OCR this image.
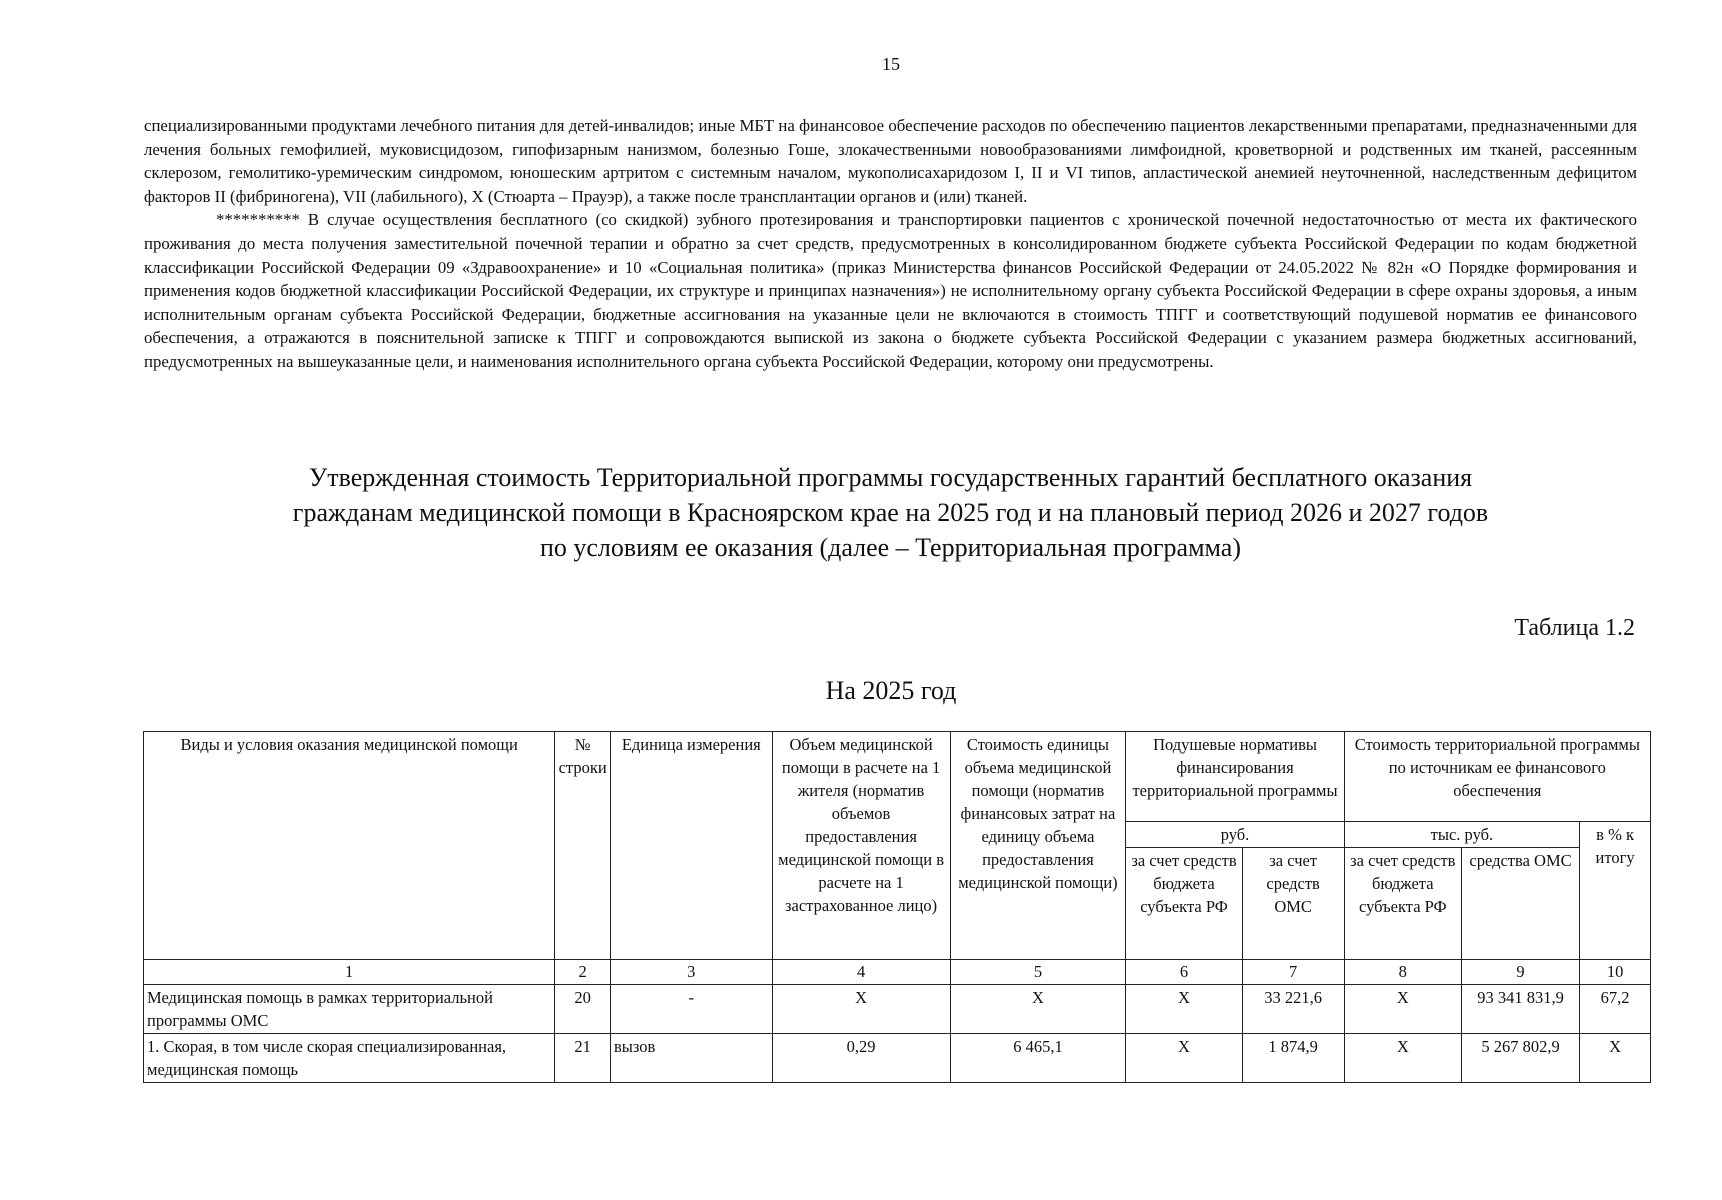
15

специализированными продуктами лечебного питания для детей-инвалидов; иные МБТ на финансовое обеспечение расходов по обеспечению пациентов лекарственными препаратами, предназначенными для лечения больных гемофилией, муковисцидозом, гипофизарным нанизмом, болезнью Гоше, злокачественными новообразованиями лимфоидной, кроветворной и родственных им тканей, рассеянным склерозом, гемолитико-уремическим синдромом, юношеским артритом с системным началом, мукополисахаридозом I, II и VI типов, апластической анемией неуточненной, наследственным дефицитом факторов II (фибриногена), VII (лабильного), X (Стюарта – Прауэр), а также после трансплантации органов и (или) тканей.

********** В случае осуществления бесплатного (со скидкой) зубного протезирования и транспортировки пациентов с хронической почечной недостаточностью от места их фактического проживания до места получения заместительной почечной терапии и обратно за счет средств, предусмотренных в консолидированном бюджете субъекта Российской Федерации по кодам бюджетной классификации Российской Федерации 09 «Здравоохранение» и 10 «Социальная политика» (приказ Министерства финансов Российской Федерации от 24.05.2022 № 82н «О Порядке формирования и применения кодов бюджетной классификации Российской Федерации, их структуре и принципах назначения») не исполнительному органу субъекта Российской Федерации в сфере охраны здоровья, а иным исполнительным органам субъекта Российской Федерации, бюджетные ассигнования на указанные цели не включаются в стоимость ТПГГ и соответствующий подушевой норматив ее финансового обеспечения, а отражаются в пояснительной записке к ТПГГ и сопровождаются выпиской из закона о бюджете субъекта Российской Федерации с указанием размера бюджетных ассигнований, предусмотренных на вышеуказанные цели, и наименования исполнительного органа субъекта Российской Федерации, которому они предусмотрены.

Утвержденная стоимость Территориальной программы государственных гарантий бесплатного оказания
гражданам медицинской помощи в Красноярском крае на 2025 год и на плановый период 2026 и 2027 годов
по условиям ее оказания (далее – Территориальная программа)
Таблица 1.2
На 2025 год
Виды и условия оказания медицинской помощи	№ строки	Единица измерения	Объем медицинской помощи в расчете на 1 жителя (норматив объемов предоставления медицинской помощи в расчете на 1 застрахованное лицо)	Стоимость единицы объема медицинской помощи (норматив финансовых затрат на единицу объема предоставления медицинской помощи)	Подушевые нормативы финансирования территориальной программы		Стоимость территориальной программы по источникам ее финансового обеспечения		
					руб.		тыс. руб.		в % к итогу
					за счет средств бюджета субъекта РФ	за счет средств ОМС	за счет средств бюджета субъекта РФ	средства ОМС	
1	2	3	4	5	6	7	8	9	10
Медицинская помощь в рамках территориальной программы ОМС	20	-	X	X	X	33 221,6	X	93 341 831,9	67,2
1. Скорая, в том числе скорая специализированная, медицинская помощь	21	вызов	0,29	6 465,1	X	1 874,9	X	5 267 802,9	X
